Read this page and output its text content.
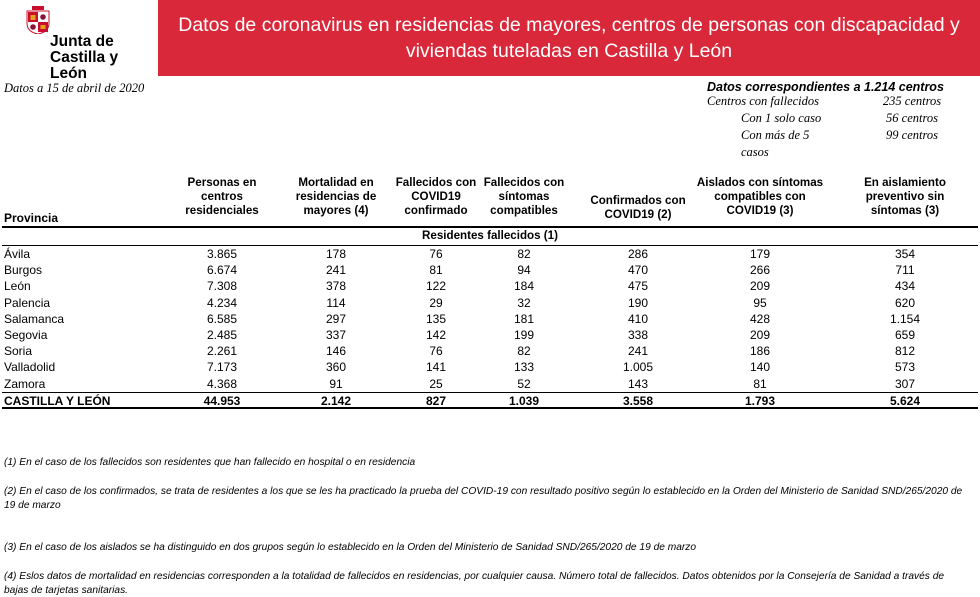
Junta de
Castilla y León
Datos de coronavirus en residencias de mayores, centros de personas con discapacidad y viviendas tuteladas en Castilla y León
Datos a 15 de abril de 2020	Datos correspondientes a 1.214 centros
Centros con fallecidos	235 centros
Con 1 solo caso	56 centros
Con más de 5	99 centros
casos
Provincia
Personas en centros residenciales
Mortalidad en residencias de mayores (4)
Fallecidos con COVID19 confirmado
Fallecidos con síntomas compatibles
Confirmados con COVID19 (2)
Aislados con síntomas compatibles con COVID19 (3)
En aislamiento preventivo sin síntomas (3)
Residentes fallecidos (1)
Ávila	3.865	178	76	82	286	179	354
Burgos	6.674	241	81	94	470	266	711
León	7.308	378	122	184	475	209	434
Palencia	4.234	114	29	32	190	95	620
Salamanca	6.585	297	135	181	410	428	1.154
Segovia	2.485	337	142	199	338	209	659
Soria	2.261	146	76	82	241	186	812
Valladolid	7.173	360	141	133	1.005	140	573
Zamora	4.368	91	25	52	143	81	307
CASTILLA Y LEÓN	44.953	2.142	827	1.039	3.558	1.793	5.624
(1) En el caso de los fallecidos son residentes que han fallecido en hospital o en residencia
(2) En el caso de los confirmados, se trata de residentes a los que se les ha practicado la prueba del COVID-19 con resultado positivo según lo establecido en la Orden del Ministerio de Sanidad SND/265/2020 de 19 de marzo
(3) En el caso de los aislados se ha distinguido en dos grupos según lo establecido en la Orden del Ministerio de Sanidad SND/265/2020 de 19 de marzo
(4) Eslos datos de mortalidad en residencias corresponden a la totalidad de fallecidos en residencias, por cualquier causa. Número total de fallecidos. Datos obtenidos por la Consejería de Sanidad a través de bajas de tarjetas sanitarias.
